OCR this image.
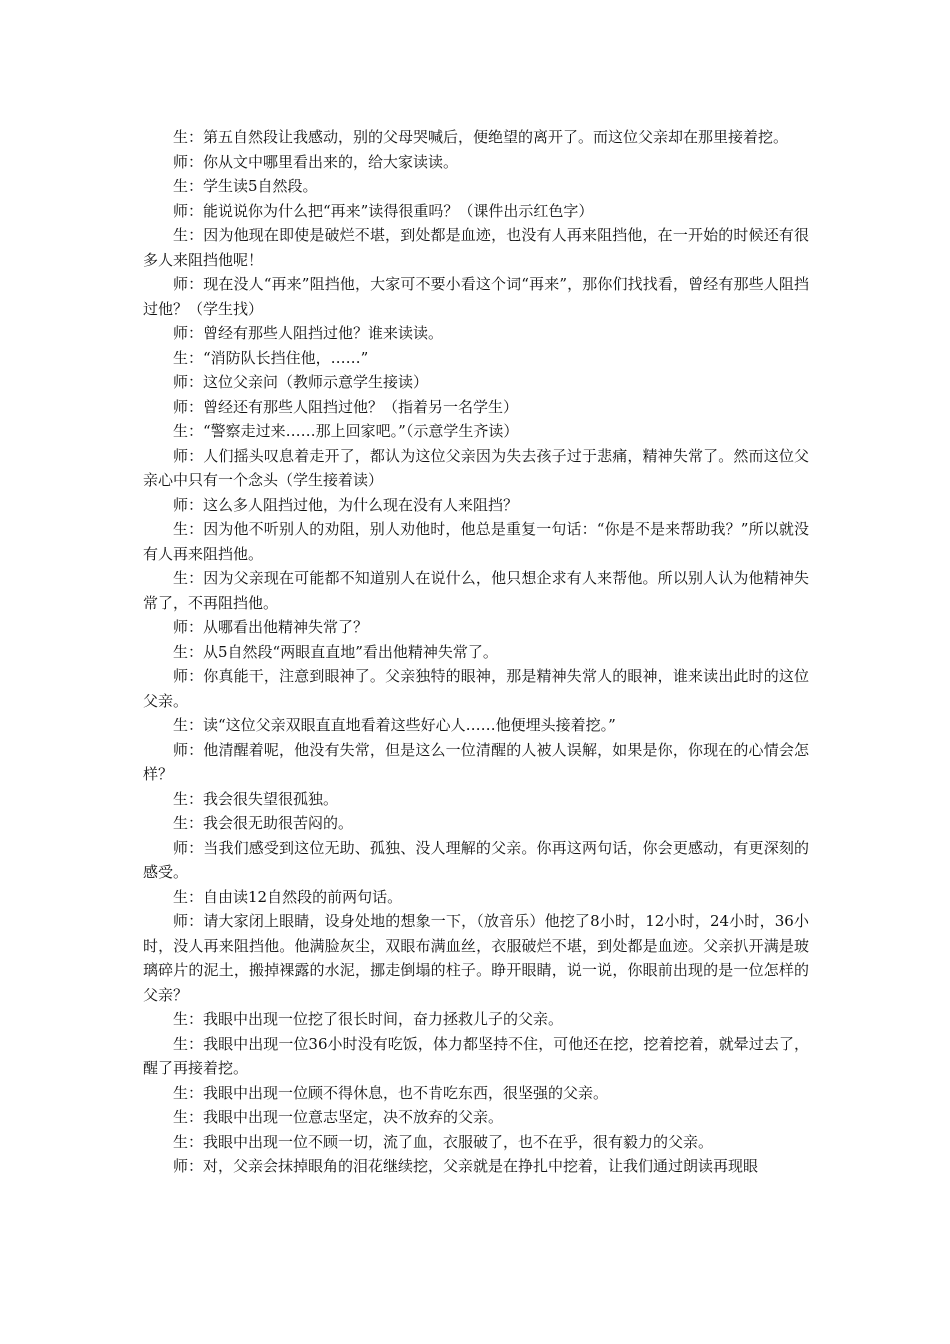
生：第五自然段让我感动，别的父母哭喊后，便绝望的离开了。而这位父亲却在那里接着挖。

师：你从文中哪里看出来的，给大家读读。

生：学生读5自然段。

师：能说说你为什么把“再来”读得很重吗？（课件出示红色字）

生：因为他现在即使是破烂不堪，到处都是血迹，也没有人再来阻挡他，在一开始的时候还有很多人来阻挡他呢！

师：现在没人“再来”阻挡他，大家可不要小看这个词“再来”，那你们找找看，曾经有那些人阻挡过他？（学生找）

师：曾经有那些人阻挡过他？谁来读读。

生：“消防队长挡住他，……”

师：这位父亲问（教师示意学生接读）

师：曾经还有那些人阻挡过他？（指着另一名学生）

生：“警察走过来……那上回家吧。”（示意学生齐读）

师：人们摇头叹息着走开了，都认为这位父亲因为失去孩子过于悲痛，精神失常了。然而这位父亲心中只有一个念头（学生接着读）

师：这么多人阻挡过他，为什么现在没有人来阻挡？

生：因为他不听别人的劝阻，别人劝他时，他总是重复一句话：“你是不是来帮助我？”所以就没有人再来阻挡他。

生：因为父亲现在可能都不知道别人在说什么，他只想企求有人来帮他。所以别人认为他精神失常了，不再阻挡他。

师：从哪看出他精神失常了？

生：从5自然段“两眼直直地”看出他精神失常了。

师：你真能干，注意到眼神了。父亲独特的眼神，那是精神失常人的眼神，谁来读出此时的这位父亲。

生：读“这位父亲双眼直直地看着这些好心人……他便埋头接着挖。”

师：他清醒着呢，他没有失常，但是这么一位清醒的人被人误解，如果是你，你现在的心情会怎样？

生：我会很失望很孤独。

生：我会很无助很苦闷的。

师：当我们感受到这位无助、孤独、没人理解的父亲。你再这两句话，你会更感动，有更深刻的感受。

生：自由读12自然段的前两句话。

师：请大家闭上眼睛，设身处地的想象一下，（放音乐）他挖了8小时，12小时，24小时，36小时，没人再来阻挡他。他满脸灰尘，双眼布满血丝，衣服破烂不堪，到处都是血迹。父亲扒开满是玻璃碎片的泥土，搬掉裸露的水泥，挪走倒塌的柱子。睁开眼睛，说一说，你眼前出现的是一位怎样的父亲？

生：我眼中出现一位挖了很长时间，奋力拯救儿子的父亲。

生：我眼中出现一位36小时没有吃饭，体力都坚持不住，可他还在挖，挖着挖着，就晕过去了，醒了再接着挖。

生：我眼中出现一位顾不得休息，也不肯吃东西，很坚强的父亲。

生：我眼中出现一位意志坚定，决不放弃的父亲。

生：我眼中出现一位不顾一切，流了血，衣服破了，也不在乎，很有毅力的父亲。

师：对，父亲会抹掉眼角的泪花继续挖，父亲就是在挣扎中挖着，让我们通过朗读再现眼
